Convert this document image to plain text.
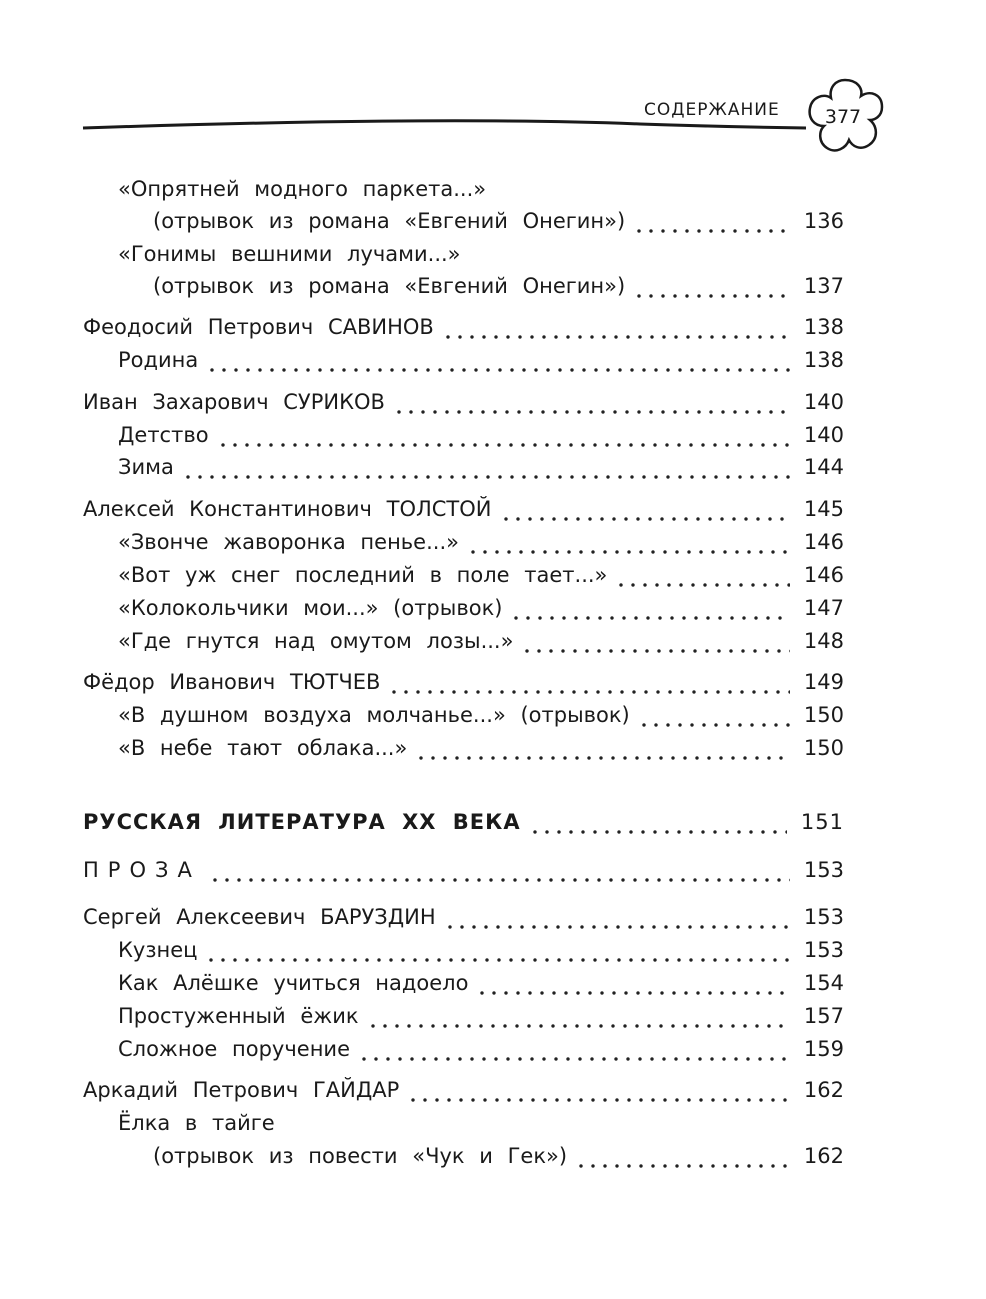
СОДЕРЖАНИЕ	377
«Опрятней модного паркета...»
(отрывок из романа «Евгений Онегин»)	136
«Гонимы вешними лучами...»
(отрывок из романа «Евгений Онегин»)	137
Феодосий Петрович САВИНОВ	138
Родина	138
Иван Захарович СУРИКОВ	140
Детство	140
Зима	144
Алексей Константинович ТОЛСТОЙ	145
«Звонче жаворонка пенье...»	146
«Вот уж снег последний в поле тает...»	146
«Колокольчики мои...» (отрывок)	147
«Где гнутся над омутом лозы...»	148
Фёдор Иванович ТЮТЧЕВ	149
«В душном воздуха молчанье...» (отрывок)	150
«В небе тают облака...»	150
РУССКАЯ ЛИТЕРАТУРА XX ВЕКА	151
ПРОЗА	153
Сергей Алексеевич БАРУЗДИН	153
Кузнец	153
Как Алёшке учиться надоело	154
Простуженный ёжик	157
Сложное поручение	159
Аркадий Петрович ГАЙДАР	162
Ёлка в тайге
(отрывок из повести «Чук и Гек»)	162
